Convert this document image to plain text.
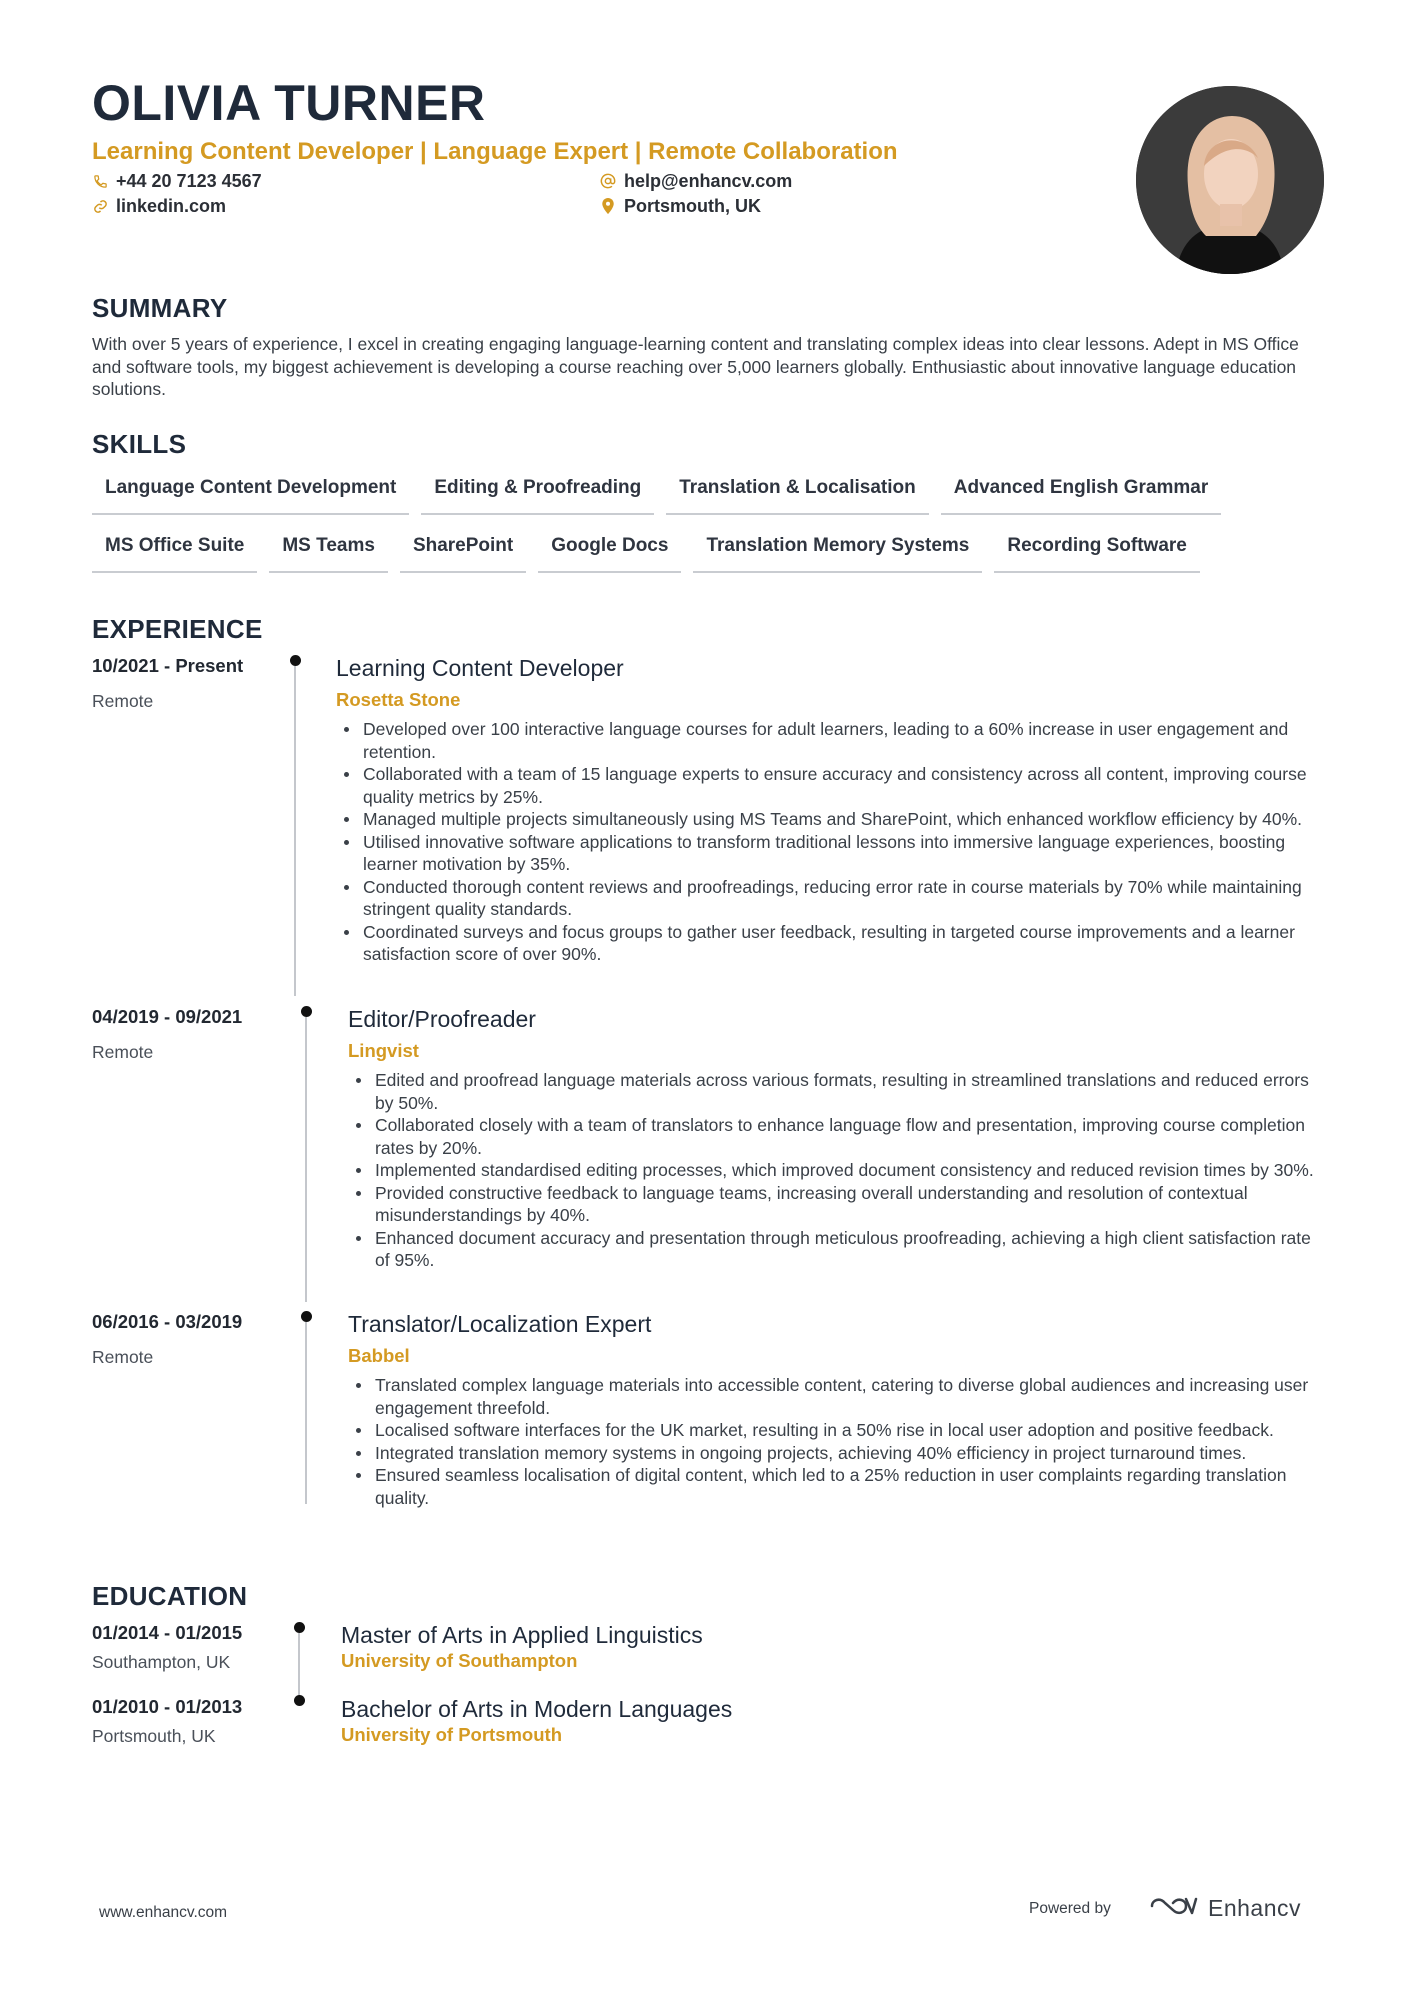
OLIVIA TURNER
Learning Content Developer | Language Expert | Remote Collaboration
+44 20 7123 4567	help@enhancv.com
linkedin.com	Portsmouth, UK
SUMMARY
With over 5 years of experience, I excel in creating engaging language-learning content and translating complex ideas into clear lessons. Adept in MS Office and software tools, my biggest achievement is developing a course reaching over 5,000 learners globally. Enthusiastic about innovative language education solutions.
SKILLS
Language Content Development	Editing & Proofreading	Translation & Localisation	Advanced English Grammar
MS Office Suite	MS Teams	SharePoint	Google Docs	Translation Memory Systems	Recording Software
EXPERIENCE
10/2021 - Present
Remote
Learning Content Developer
Rosetta Stone
Developed over 100 interactive language courses for adult learners, leading to a 60% increase in user engagement and retention.
Collaborated with a team of 15 language experts to ensure accuracy and consistency across all content, improving course quality metrics by 25%.
Managed multiple projects simultaneously using MS Teams and SharePoint, which enhanced workflow efficiency by 40%.
Utilised innovative software applications to transform traditional lessons into immersive language experiences, boosting learner motivation by 35%.
Conducted thorough content reviews and proofreadings, reducing error rate in course materials by 70% while maintaining stringent quality standards.
Coordinated surveys and focus groups to gather user feedback, resulting in targeted course improvements and a learner satisfaction score of over 90%.
04/2019 - 09/2021
Remote
Editor/Proofreader
Lingvist
Edited and proofread language materials across various formats, resulting in streamlined translations and reduced errors by 50%.
Collaborated closely with a team of translators to enhance language flow and presentation, improving course completion rates by 20%.
Implemented standardised editing processes, which improved document consistency and reduced revision times by 30%.
Provided constructive feedback to language teams, increasing overall understanding and resolution of contextual misunderstandings by 40%.
Enhanced document accuracy and presentation through meticulous proofreading, achieving a high client satisfaction rate of 95%.
06/2016 - 03/2019
Remote
Translator/Localization Expert
Babbel
Translated complex language materials into accessible content, catering to diverse global audiences and increasing user engagement threefold.
Localised software interfaces for the UK market, resulting in a 50% rise in local user adoption and positive feedback.
Integrated translation memory systems in ongoing projects, achieving 40% efficiency in project turnaround times.
Ensured seamless localisation of digital content, which led to a 25% reduction in user complaints regarding translation quality.
EDUCATION
01/2014 - 01/2015
Southampton, UK
Master of Arts in Applied Linguistics
University of Southampton
01/2010 - 01/2013
Portsmouth, UK
Bachelor of Arts in Modern Languages
University of Portsmouth
www.enhancv.com	Powered by	Enhancv
